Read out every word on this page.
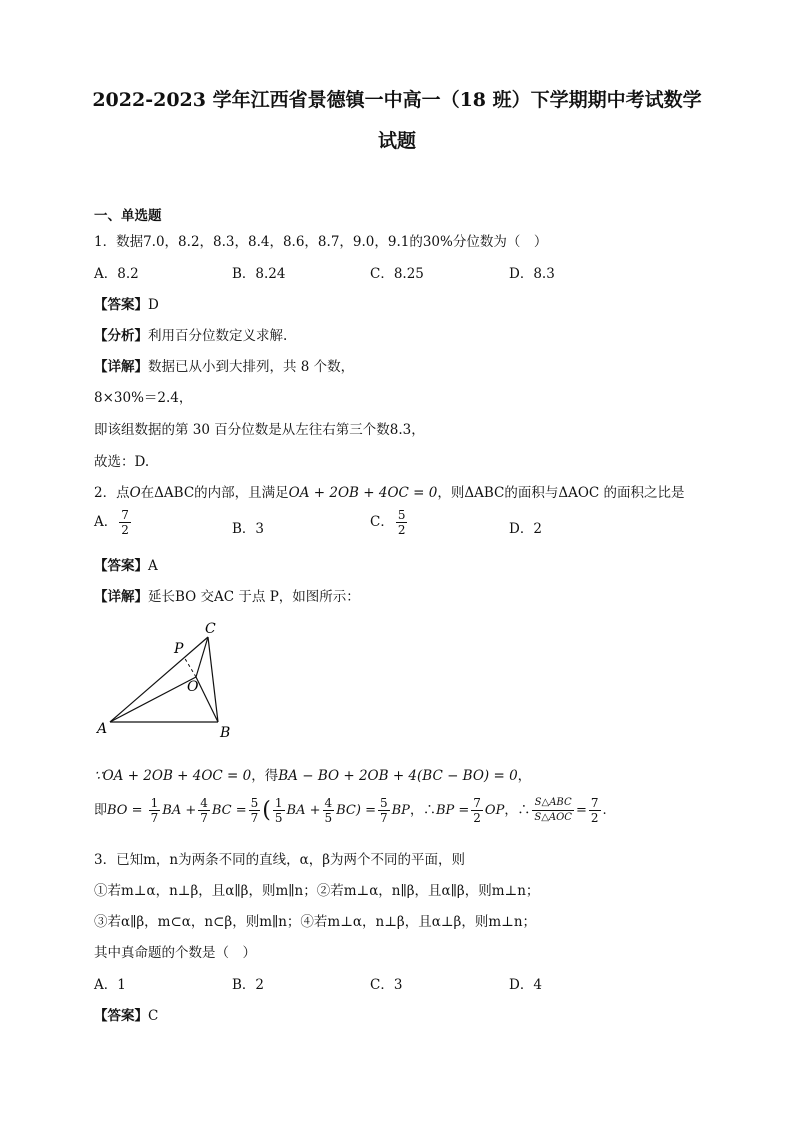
2022-2023 学年江西省景德镇一中高一（18 班）下学期期中考试数学
试题
一、单选题
1．数据7.0，8.2，8.3，8.4，8.6，8.7，9.0，9.1的30%分位数为（　）
A．8.2	B．8.24	C．8.25	D．8.3
【答案】D
【分析】利用百分位数定义求解.
【详解】数据已从小到大排列，共 8 个数，
8×30%＝2.4，
即该组数据的第 30 百分位数是从左往右第三个数8.3，
故选：D.
2．点O在ΔABC的内部，且满足OA + 2OB + 4OC = 0，则ΔABC的面积与ΔAOC 的面积之比是
A． $\frac{7}{2}$	B．3	C． $\frac{5}{2}$	D．2
【答案】A
【详解】延长BO 交AC 于点 P，如图所示：
C
P
O
A	B
∵OA + 2OB + 4OC = 0，得BA − BO + 2OB + 4(BC − BO) = 0，
即BO = $\frac{1}{7}$ BA + $\frac{4}{7}$ BC = $\frac{5}{7}$ ( $\frac{1}{5}$ BA + $\frac{4}{5} BC) = \frac{5}{7}$ BP，∴BP = $\frac{7}{2}$ OP，∴ $\frac{\text{S△ABC}}{\text{S△AOC}} = \frac{7}{2}$ .
3．已知m，n为两条不同的直线，α，β为两个不同的平面，则
①若m⊥α，n⊥β，且α∥β，则m∥n；②若m⊥α，n∥β，且α∥β，则m⊥n；
③若α∥β，m⊂α，n⊂β，则m∥n；④若m⊥α，n⊥β，且α⊥β，则m⊥n；
其中真命题的个数是（　）
A．1	B．2	C．3	D．4
【答案】C
